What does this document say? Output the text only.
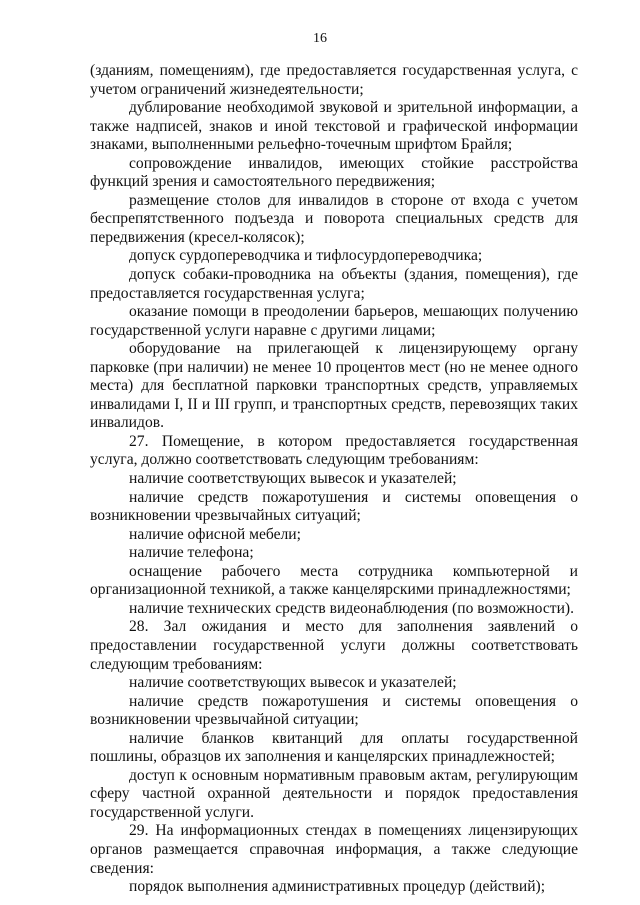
16

(зданиям, помещениям), где предоставляется государственная услуга, с учетом ограничений жизнедеятельности;

дублирование необходимой звуковой и зрительной информации, а также надписей, знаков и иной текстовой и графической информации знаками, выполненными рельефно-точечным шрифтом Брайля;

сопровождение инвалидов, имеющих стойкие расстройства функций зрения и самостоятельного передвижения;

размещение столов для инвалидов в стороне от входа с учетом беспрепятственного подъезда и поворота специальных средств для передвижения (кресел-колясок);

допуск сурдопереводчика и тифлосурдопереводчика;

допуск собаки-проводника на объекты (здания, помещения), где предоставляется государственная услуга;

оказание помощи в преодолении барьеров, мешающих получению государственной услуги наравне с другими лицами;

оборудование на прилегающей к лицензирующему органу парковке (при наличии) не менее 10 процентов мест (но не менее одного места) для бесплатной парковки транспортных средств, управляемых инвалидами I, II и III групп, и транспортных средств, перевозящих таких инвалидов.

27. Помещение, в котором предоставляется государственная услуга, должно соответствовать следующим требованиям:

наличие соответствующих вывесок и указателей;

наличие средств пожаротушения и системы оповещения о возникновении чрезвычайных ситуаций;

наличие офисной мебели;

наличие телефона;

оснащение рабочего места сотрудника компьютерной и организационной техникой, а также канцелярскими принадлежностями;

наличие технических средств видеонаблюдения (по возможности).

28. Зал ожидания и место для заполнения заявлений о предоставлении государственной услуги должны соответствовать следующим требованиям:

наличие соответствующих вывесок и указателей;

наличие средств пожаротушения и системы оповещения о возникновении чрезвычайной ситуации;

наличие бланков квитанций для оплаты государственной пошлины, образцов их заполнения и канцелярских принадлежностей;

доступ к основным нормативным правовым актам, регулирующим сферу частной охранной деятельности и порядок предоставления государственной услуги.

29. На информационных стендах в помещениях лицензирующих органов размещается справочная информация, а также следующие сведения:

порядок выполнения административных процедур (действий);
